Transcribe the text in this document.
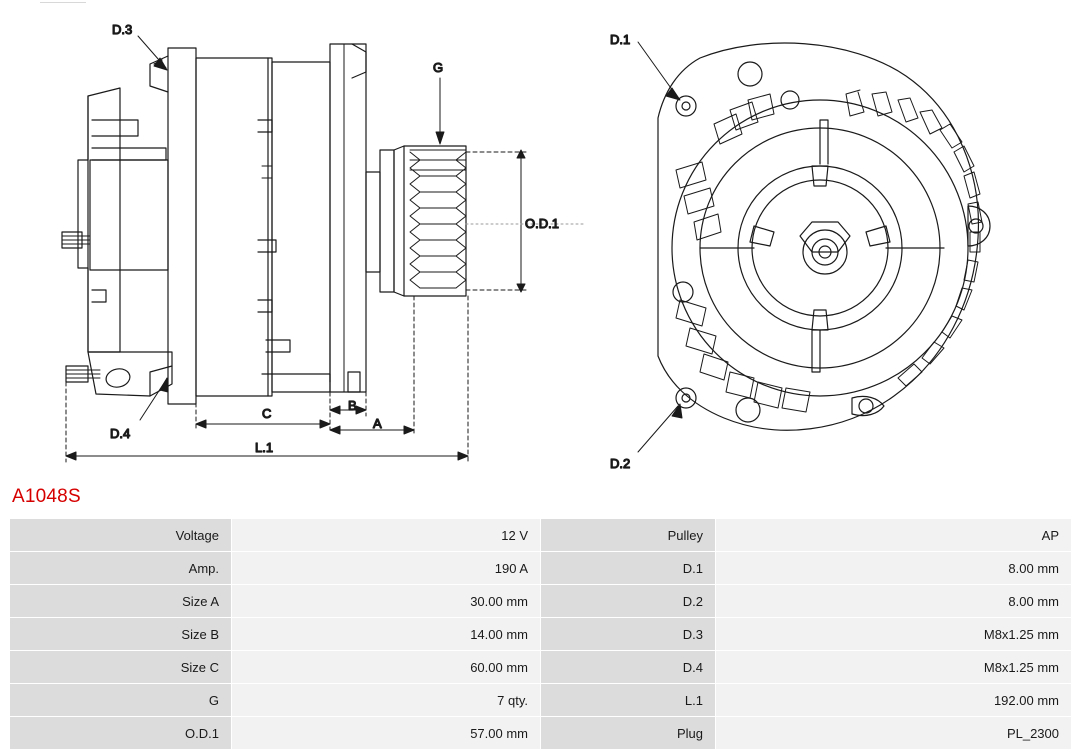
D.3
G
O.D.1
D.4
C
B
A
L.1
D.1
D.2
A1048S
Voltage	12 V	Pulley	AP
Amp.	190 A	D.1	8.00 mm
Size A	30.00 mm	D.2	8.00 mm
Size B	14.00 mm	D.3	M8x1.25 mm
Size C	60.00 mm	D.4	M8x1.25 mm
G	7 qty.	L.1	192.00 mm
O.D.1	57.00 mm	Plug	PL_2300
